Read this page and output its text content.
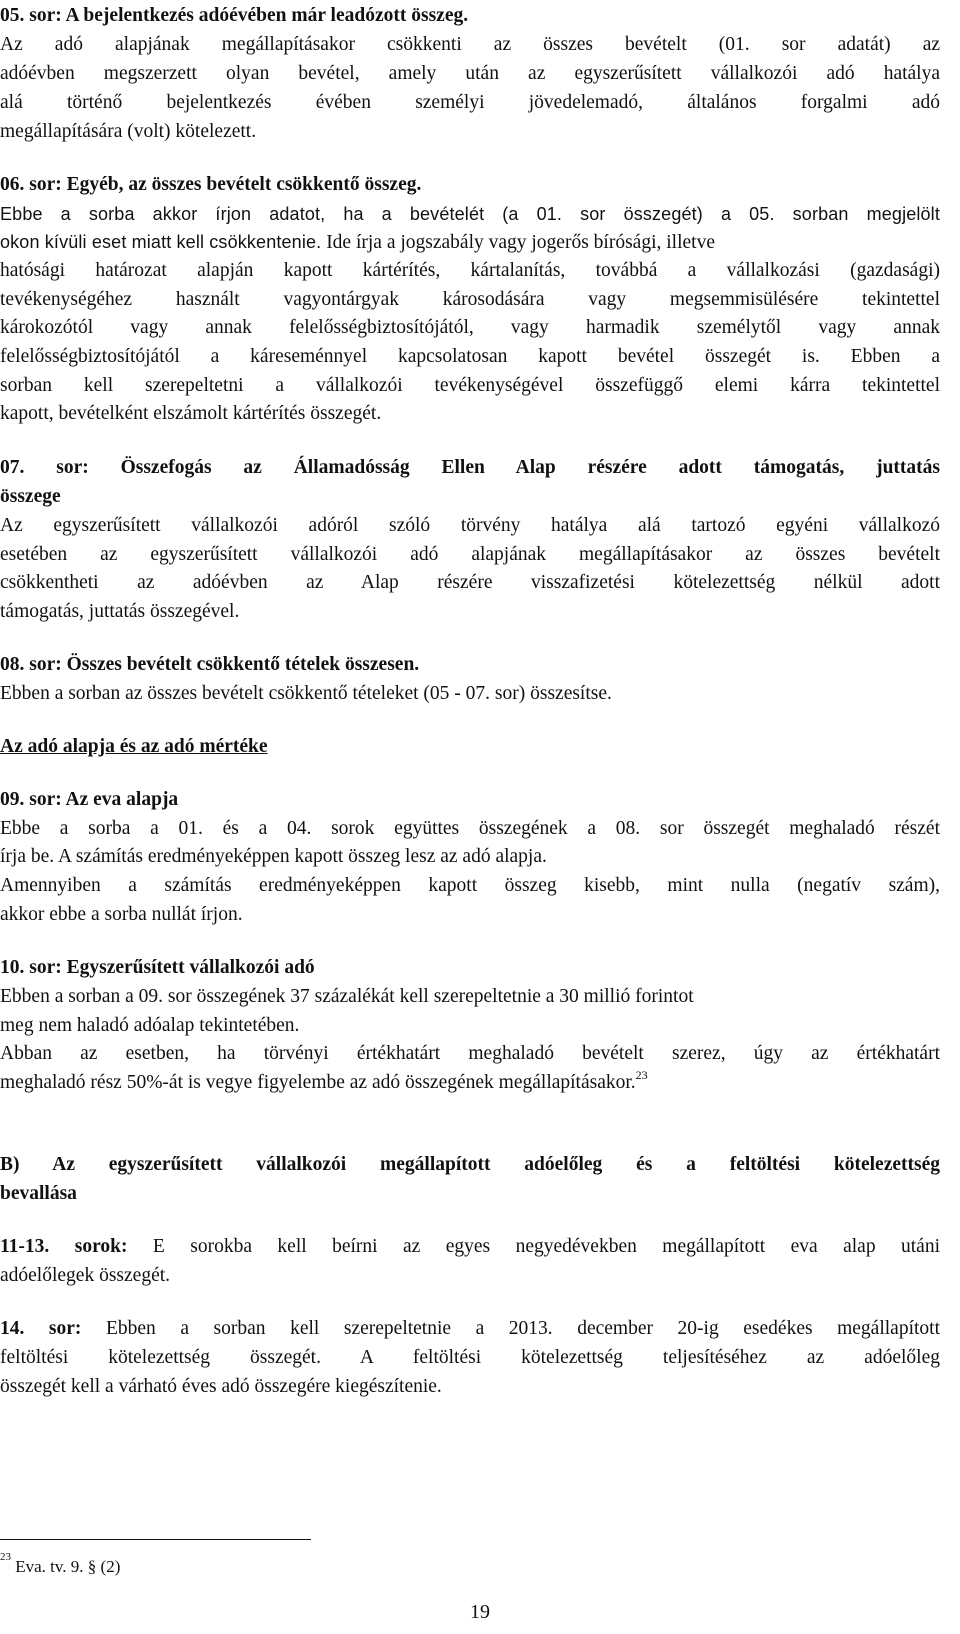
05. sor: A bejelentkezés adóévében már leadózott összeg.
Az adó alapjának megállapításakor csökkenti az összes bevételt (01. sor adatát) az
adóévben megszerzett olyan bevétel, amely után az egyszerűsített vállalkozói adó hatálya
alá történő bejelentkezés évében személyi jövedelemadó, általános forgalmi adó
megállapítására (volt) kötelezett.
06. sor: Egyéb, az összes bevételt csökkentő összeg.
Ebbe a sorba akkor írjon adatot, ha a bevételét (a 01. sor összegét) a 05. sorban megjelölt
okon kívüli eset miatt kell csökkentenie. Ide írja a jogszabály vagy jogerős bírósági, illetve
hatósági határozat alapján kapott kártérítés, kártalanítás, továbbá a vállalkozási (gazdasági)
tevékenységéhez használt vagyontárgyak károsodására vagy megsemmisülésére tekintettel
károkozótól vagy annak felelősségbiztosítójától, vagy harmadik személytől vagy annak
felelősségbiztosítójától a káreseménnyel kapcsolatosan kapott bevétel összegét is. Ebben a
sorban kell szerepeltetni a vállalkozói tevékenységével összefüggő elemi kárra tekintettel
kapott, bevételként elszámolt kártérítés összegét.
07. sor: Összefogás az Államadósság Ellen Alap részére adott támogatás, juttatás
összege
Az egyszerűsített vállalkozói adóról szóló törvény hatálya alá tartozó egyéni vállalkozó
esetében az egyszerűsített vállalkozói adó alapjának megállapításakor az összes bevételt
csökkentheti az adóévben az Alap részére visszafizetési kötelezettség nélkül adott
támogatás, juttatás összegével.
08. sor: Összes bevételt csökkentő tételek összesen.
Ebben a sorban az összes bevételt csökkentő tételeket (05 - 07. sor) összesítse.
Az adó alapja és az adó mértéke
09. sor: Az eva alapja
Ebbe a sorba a 01. és a 04. sorok együttes összegének a 08. sor összegét meghaladó részét
írja be. A számítás eredményeképpen kapott összeg lesz az adó alapja.
Amennyiben a számítás eredményeképpen kapott összeg kisebb, mint nulla (negatív szám),
akkor ebbe a sorba nullát írjon.
10. sor: Egyszerűsített vállalkozói adó
Ebben a sorban a 09. sor összegének 37 százalékát kell szerepeltetnie a 30 millió forintot
meg nem haladó adóalap tekintetében.
Abban az esetben, ha törvényi értékhatárt meghaladó bevételt szerez, úgy az értékhatárt
meghaladó rész 50%-át is vegye figyelembe az adó összegének megállapításakor.$^{23}$
B) Az egyszerűsített vállalkozói megállapított adóelőleg és a feltöltési kötelezettség
bevallása
11-13. sorok: E sorokba kell beírni az egyes negyedévekben megállapított eva alap utáni
adóelőlegek összegét.
14. sor: Ebben a sorban kell szerepeltetnie a 2013. december 20-ig esedékes megállapított
feltöltési kötelezettség összegét. A feltöltési kötelezettség teljesítéséhez az adóelőleg
összegét kell a várható éves adó összegére kiegészítenie.
$^{23}$ Eva. tv. 9. § (2)
19
